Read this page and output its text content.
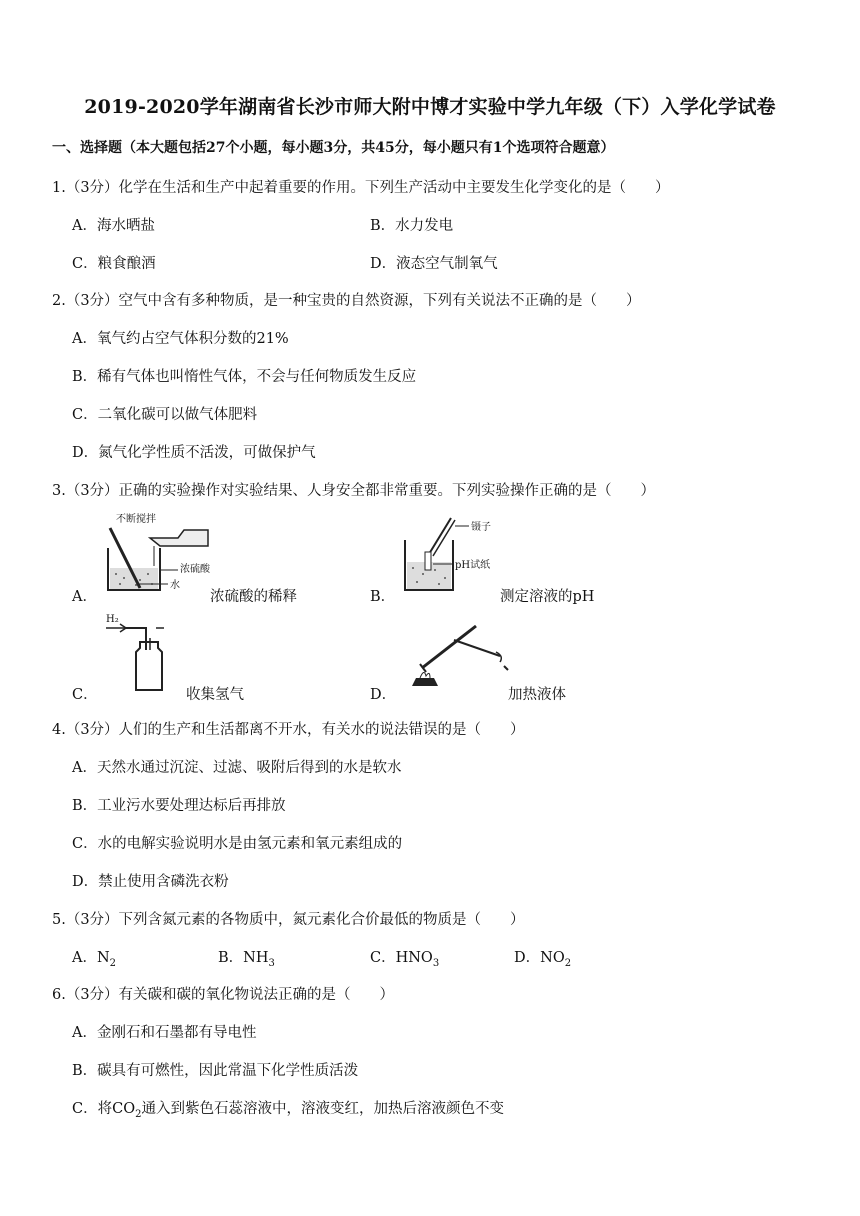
2019-2020学年湖南省长沙市师大附中博才实验中学九年级（下）入学化学试卷
一、选择题（本大题包括27个小题，每小题3分，共45分，每小题只有1个选项符合题意）
1.（3分）化学在生活和生产中起着重要的作用。下列生产活动中主要发生化学变化的是（　　）
A．海水晒盐	B．水力发电
C．粮食酿酒	D．液态空气制氧气
2.（3分）空气中含有多种物质，是一种宝贵的自然资源，下列有关说法不正确的是（　　）
A．氧气约占空气体积分数的21%
B．稀有气体也叫惰性气体，不会与任何物质发生反应
C．二氧化碳可以做气体肥料
D．氮气化学性质不活泼，可做保护气
3.（3分）正确的实验操作对实验结果、人身安全都非常重要。下列实验操作正确的是（　　）
A．
不断搅拌
浓硫酸
水
浓硫酸的稀释	B．
镊子
pH试纸
测定溶液的pH
C．
H₂
收集氢气	D．	加热液体
4.（3分）人们的生产和生活都离不开水，有关水的说法错误的是（　　）
A．天然水通过沉淀、过滤、吸附后得到的水是软水
B．工业污水要处理达标后再排放
C．水的电解实验说明水是由氢元素和氧元素组成的
D．禁止使用含磷洗衣粉
5.（3分）下列含氮元素的各物质中，氮元素化合价最低的物质是（　　）
A．$N_2$	B．$NH_3$	C．$HNO_3$	D．$NO_2$
6.（3分）有关碳和碳的氧化物说法正确的是（　　）
A．金刚石和石墨都有导电性
B．碳具有可燃性，因此常温下化学性质活泼
C．将$CO_2$通入到紫色石蕊溶液中，溶液变红，加热后溶液颜色不变
